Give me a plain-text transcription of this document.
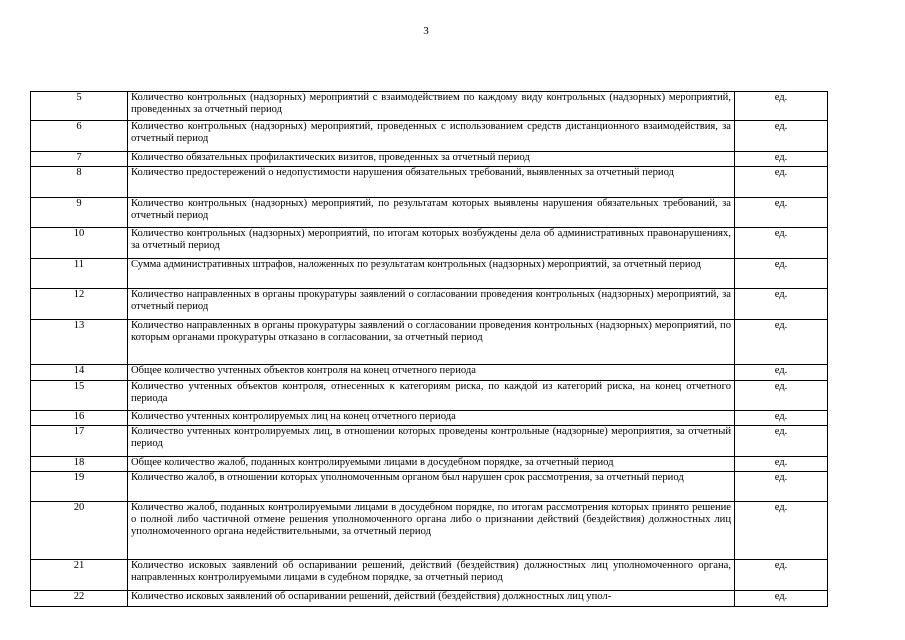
3
5	Количество контрольных (надзорных) мероприятий с взаимодействием по каждому виду контрольных (надзорных) мероприятий, проведенных за отчетный период	ед.
6	Количество контрольных (надзорных) мероприятий, проведенных с использованием средств дистанционного взаимодействия, за отчетный период	ед.
7	Количество обязательных профилактических визитов, проведенных за отчетный период	ед.
8	Количество предостережений о недопустимости нарушения обязательных требований, выявленных за отчетный период	ед.
9	Количество контрольных (надзорных) мероприятий, по результатам которых выявлены нарушения обязательных требований, за отчетный период	ед.
10	Количество контрольных (надзорных) мероприятий, по итогам которых возбуждены дела об административных правонарушениях, за отчетный период	ед.
11	Сумма административных штрафов, наложенных по результатам контрольных (надзорных) мероприятий, за отчетный период	ед.
12	Количество направленных в органы прокуратуры заявлений о согласовании проведения контрольных (надзорных) мероприятий, за отчетный период	ед.
13	Количество направленных в органы прокуратуры заявлений о согласовании проведения контрольных (надзорных) мероприятий, по которым органами прокуратуры отказано в согласовании, за отчетный период	ед.
14	Общее количество учтенных объектов контроля на конец отчетного периода	ед.
15	Количество учтенных объектов контроля, отнесенных к категориям риска, по каждой из категорий риска, на конец отчетного периода	ед.
16	Количество учтенных контролируемых лиц на конец отчетного периода	ед.
17	Количество учтенных контролируемых лиц, в отношении которых проведены контрольные (надзорные) мероприятия, за отчетный период	ед.
18	Общее количество жалоб, поданных контролируемыми лицами в досудебном порядке, за отчетный период	ед.
19	Количество жалоб, в отношении которых уполномоченным органом был нарушен срок рассмотрения, за отчетный период	ед.
20	Количество жалоб, поданных контролируемыми лицами в досудебном порядке, по итогам рассмотрения которых принято решение о полной либо частичной отмене решения уполномоченного органа либо о признании действий (бездействия) должностных лиц уполномоченного органа недействительными, за отчетный период	ед.
21	Количество исковых заявлений об оспаривании решений, действий (бездействия) должностных лиц уполномоченного органа, направленных контролируемыми лицами в судебном порядке, за отчетный период	ед.
22	Количество исковых заявлений об оспаривании решений, действий (бездействия) должностных лиц упол-	ед.
